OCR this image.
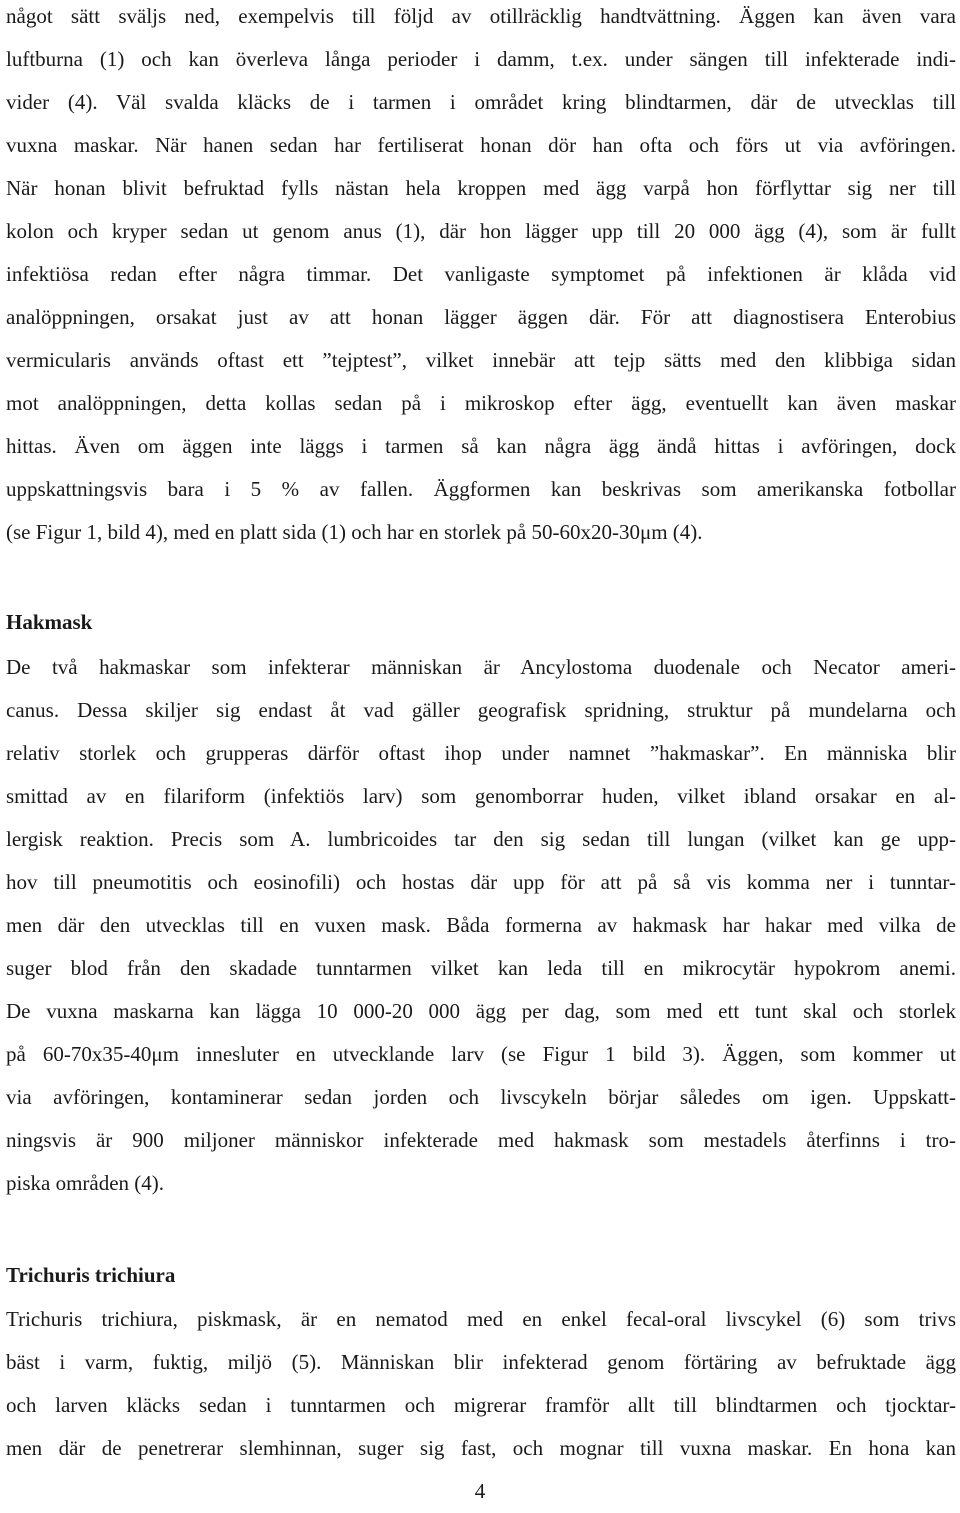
något sätt sväljs ned, exempelvis till följd av otillräcklig handtvättning. Äggen kan även vara
luftburna (1) och kan överleva långa perioder i damm, t.ex. under sängen till infekterade indi-
vider (4). Väl svalda kläcks de i tarmen i området kring blindtarmen, där de utvecklas till
vuxna maskar. När hanen sedan har fertiliserat honan dör han ofta och förs ut via avföringen.
När honan blivit befruktad fylls nästan hela kroppen med ägg varpå hon förflyttar sig ner till
kolon och kryper sedan ut genom anus (1), där hon lägger upp till 20 000 ägg (4), som är fullt
infektiösa redan efter några timmar. Det vanligaste symptomet på infektionen är klåda vid
analöppningen, orsakat just av att honan lägger äggen där. För att diagnostisera Enterobius
vermicularis används oftast ett ”tejptest”, vilket innebär att tejp sätts med den klibbiga sidan
mot analöppningen, detta kollas sedan på i mikroskop efter ägg, eventuellt kan även maskar
hittas. Även om äggen inte läggs i tarmen så kan några ägg ändå hittas i avföringen, dock
uppskattningsvis bara i 5 % av fallen. Äggformen kan beskrivas som amerikanska fotbollar
(se Figur 1, bild 4), med en platt sida (1) och har en storlek på 50-60x20-30μm (4).
Hakmask
De två hakmaskar som infekterar människan är Ancylostoma duodenale och Necator ameri-
canus. Dessa skiljer sig endast åt vad gäller geografisk spridning, struktur på mundelarna och
relativ storlek och grupperas därför oftast ihop under namnet ”hakmaskar”. En människa blir
smittad av en filariform (infektiös larv) som genomborrar huden, vilket ibland orsakar en al-
lergisk reaktion. Precis som A. lumbricoides tar den sig sedan till lungan (vilket kan ge upp-
hov till pneumotitis och eosinofili) och hostas där upp för att på så vis komma ner i tunntar-
men där den utvecklas till en vuxen mask. Båda formerna av hakmask har hakar med vilka de
suger blod från den skadade tunntarmen vilket kan leda till en mikrocytär hypokrom anemi.
De vuxna maskarna kan lägga 10 000-20 000 ägg per dag, som med ett tunt skal och storlek
på 60-70x35-40μm innesluter en utvecklande larv (se Figur 1 bild 3). Äggen, som kommer ut
via avföringen, kontaminerar sedan jorden och livscykeln börjar således om igen. Uppskatt-
ningsvis är 900 miljoner människor infekterade med hakmask som mestadels återfinns i tro-
piska områden (4).
Trichuris trichiura
Trichuris trichiura, piskmask, är en nematod med en enkel fecal-oral livscykel (6) som trivs
bäst i varm, fuktig, miljö (5). Människan blir infekterad genom förtäring av befruktade ägg
och larven kläcks sedan i tunntarmen och migrerar framför allt till blindtarmen och tjocktar-
men där de penetrerar slemhinnan, suger sig fast, och mognar till vuxna maskar. En hona kan
4
